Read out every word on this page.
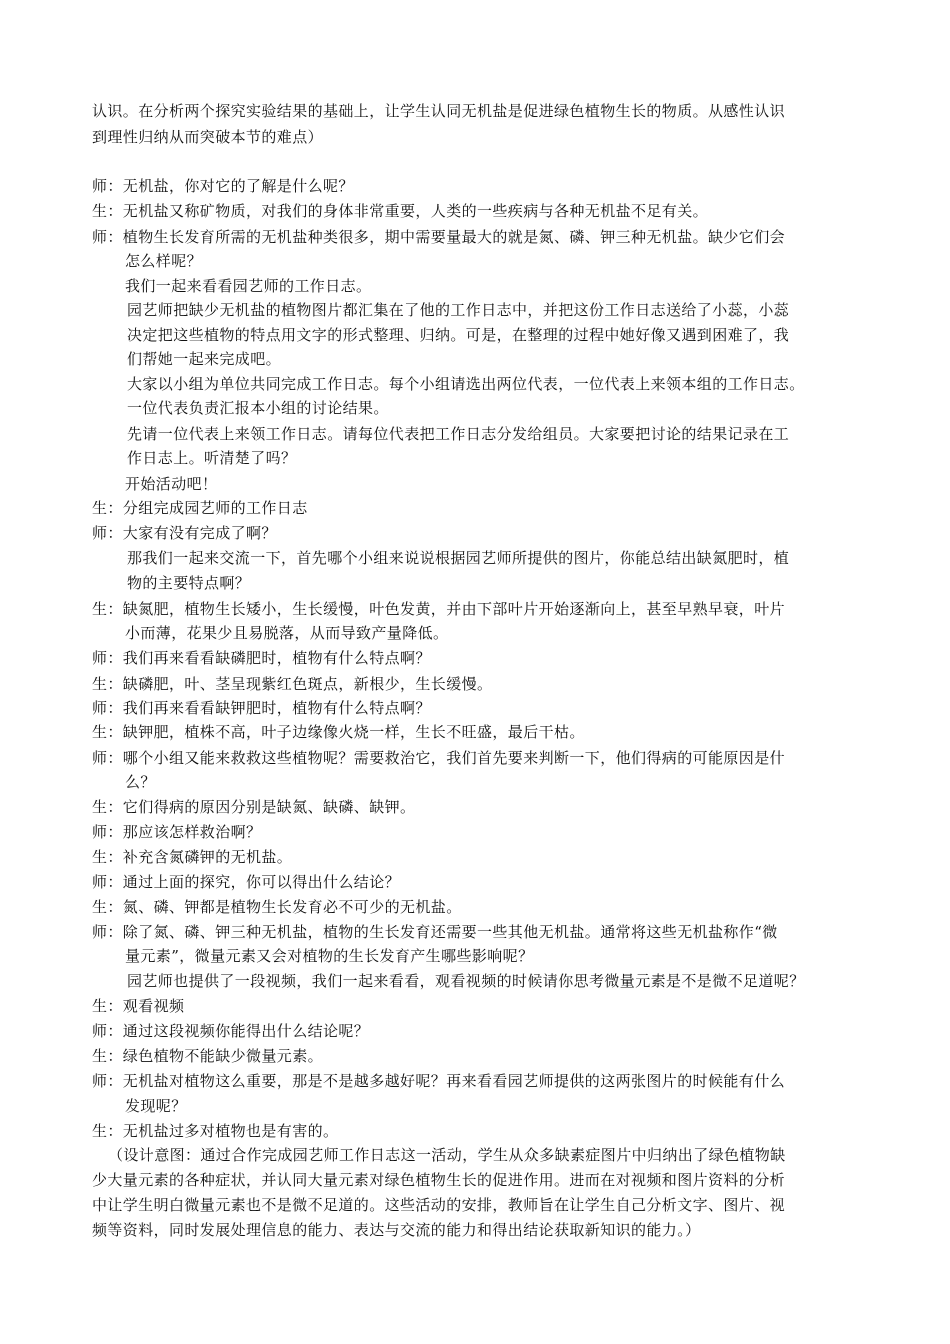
认识。在分析两个探究实验结果的基础上，让学生认同无机盐是促进绿色植物生长的物质。从感性认识

到理性归纳从而突破本节的难点）

师：无机盐，你对它的了解是什么呢？

生：无机盐又称矿物质，对我们的身体非常重要，人类的一些疾病与各种无机盐不足有关。

师：植物生长发育所需的无机盐种类很多，期中需要量最大的就是氮、磷、钾三种无机盐。缺少它们会

怎么样呢？

我们一起来看看园艺师的工作日志。

园艺师把缺少无机盐的植物图片都汇集在了他的工作日志中，并把这份工作日志送给了小蕊，小蕊

决定把这些植物的特点用文字的形式整理、归纳。可是，在整理的过程中她好像又遇到困难了，我

们帮她一起来完成吧。

大家以小组为单位共同完成工作日志。每个小组请选出两位代表，一位代表上来领本组的工作日志。

一位代表负责汇报本小组的讨论结果。

先请一位代表上来领工作日志。请每位代表把工作日志分发给组员。大家要把讨论的结果记录在工

作日志上。听清楚了吗？

开始活动吧！

生：分组完成园艺师的工作日志

师：大家有没有完成了啊？

那我们一起来交流一下，首先哪个小组来说说根据园艺师所提供的图片，你能总结出缺氮肥时，植

物的主要特点啊？

生：缺氮肥，植物生长矮小，生长缓慢，叶色发黄，并由下部叶片开始逐渐向上，甚至早熟早衰，叶片

小而薄，花果少且易脱落，从而导致产量降低。

师：我们再来看看缺磷肥时，植物有什么特点啊？

生：缺磷肥，叶、茎呈现紫红色斑点，新根少，生长缓慢。

师：我们再来看看缺钾肥时，植物有什么特点啊？

生：缺钾肥，植株不高，叶子边缘像火烧一样，生长不旺盛，最后干枯。

师：哪个小组又能来救救这些植物呢？需要救治它，我们首先要来判断一下，他们得病的可能原因是什

么？

生：它们得病的原因分别是缺氮、缺磷、缺钾。

师：那应该怎样救治啊？

生：补充含氮磷钾的无机盐。

师：通过上面的探究，你可以得出什么结论？

生：氮、磷、钾都是植物生长发育必不可少的无机盐。

师：除了氮、磷、钾三种无机盐，植物的生长发育还需要一些其他无机盐。通常将这些无机盐称作“微

量元素”，微量元素又会对植物的生长发育产生哪些影响呢？

园艺师也提供了一段视频，我们一起来看看，观看视频的时候请你思考微量元素是不是微不足道呢？

生：观看视频

师：通过这段视频你能得出什么结论呢？

生：绿色植物不能缺少微量元素。

师：无机盐对植物这么重要，那是不是越多越好呢？再来看看园艺师提供的这两张图片的时候能有什么

发现呢？

生：无机盐过多对植物也是有害的。

（设计意图：通过合作完成园艺师工作日志这一活动，学生从众多缺素症图片中归纳出了绿色植物缺

少大量元素的各种症状，并认同大量元素对绿色植物生长的促进作用。进而在对视频和图片资料的分析

中让学生明白微量元素也不是微不足道的。这些活动的安排，教师旨在让学生自己分析文字、图片、视

频等资料，同时发展处理信息的能力、表达与交流的能力和得出结论获取新知识的能力。）
